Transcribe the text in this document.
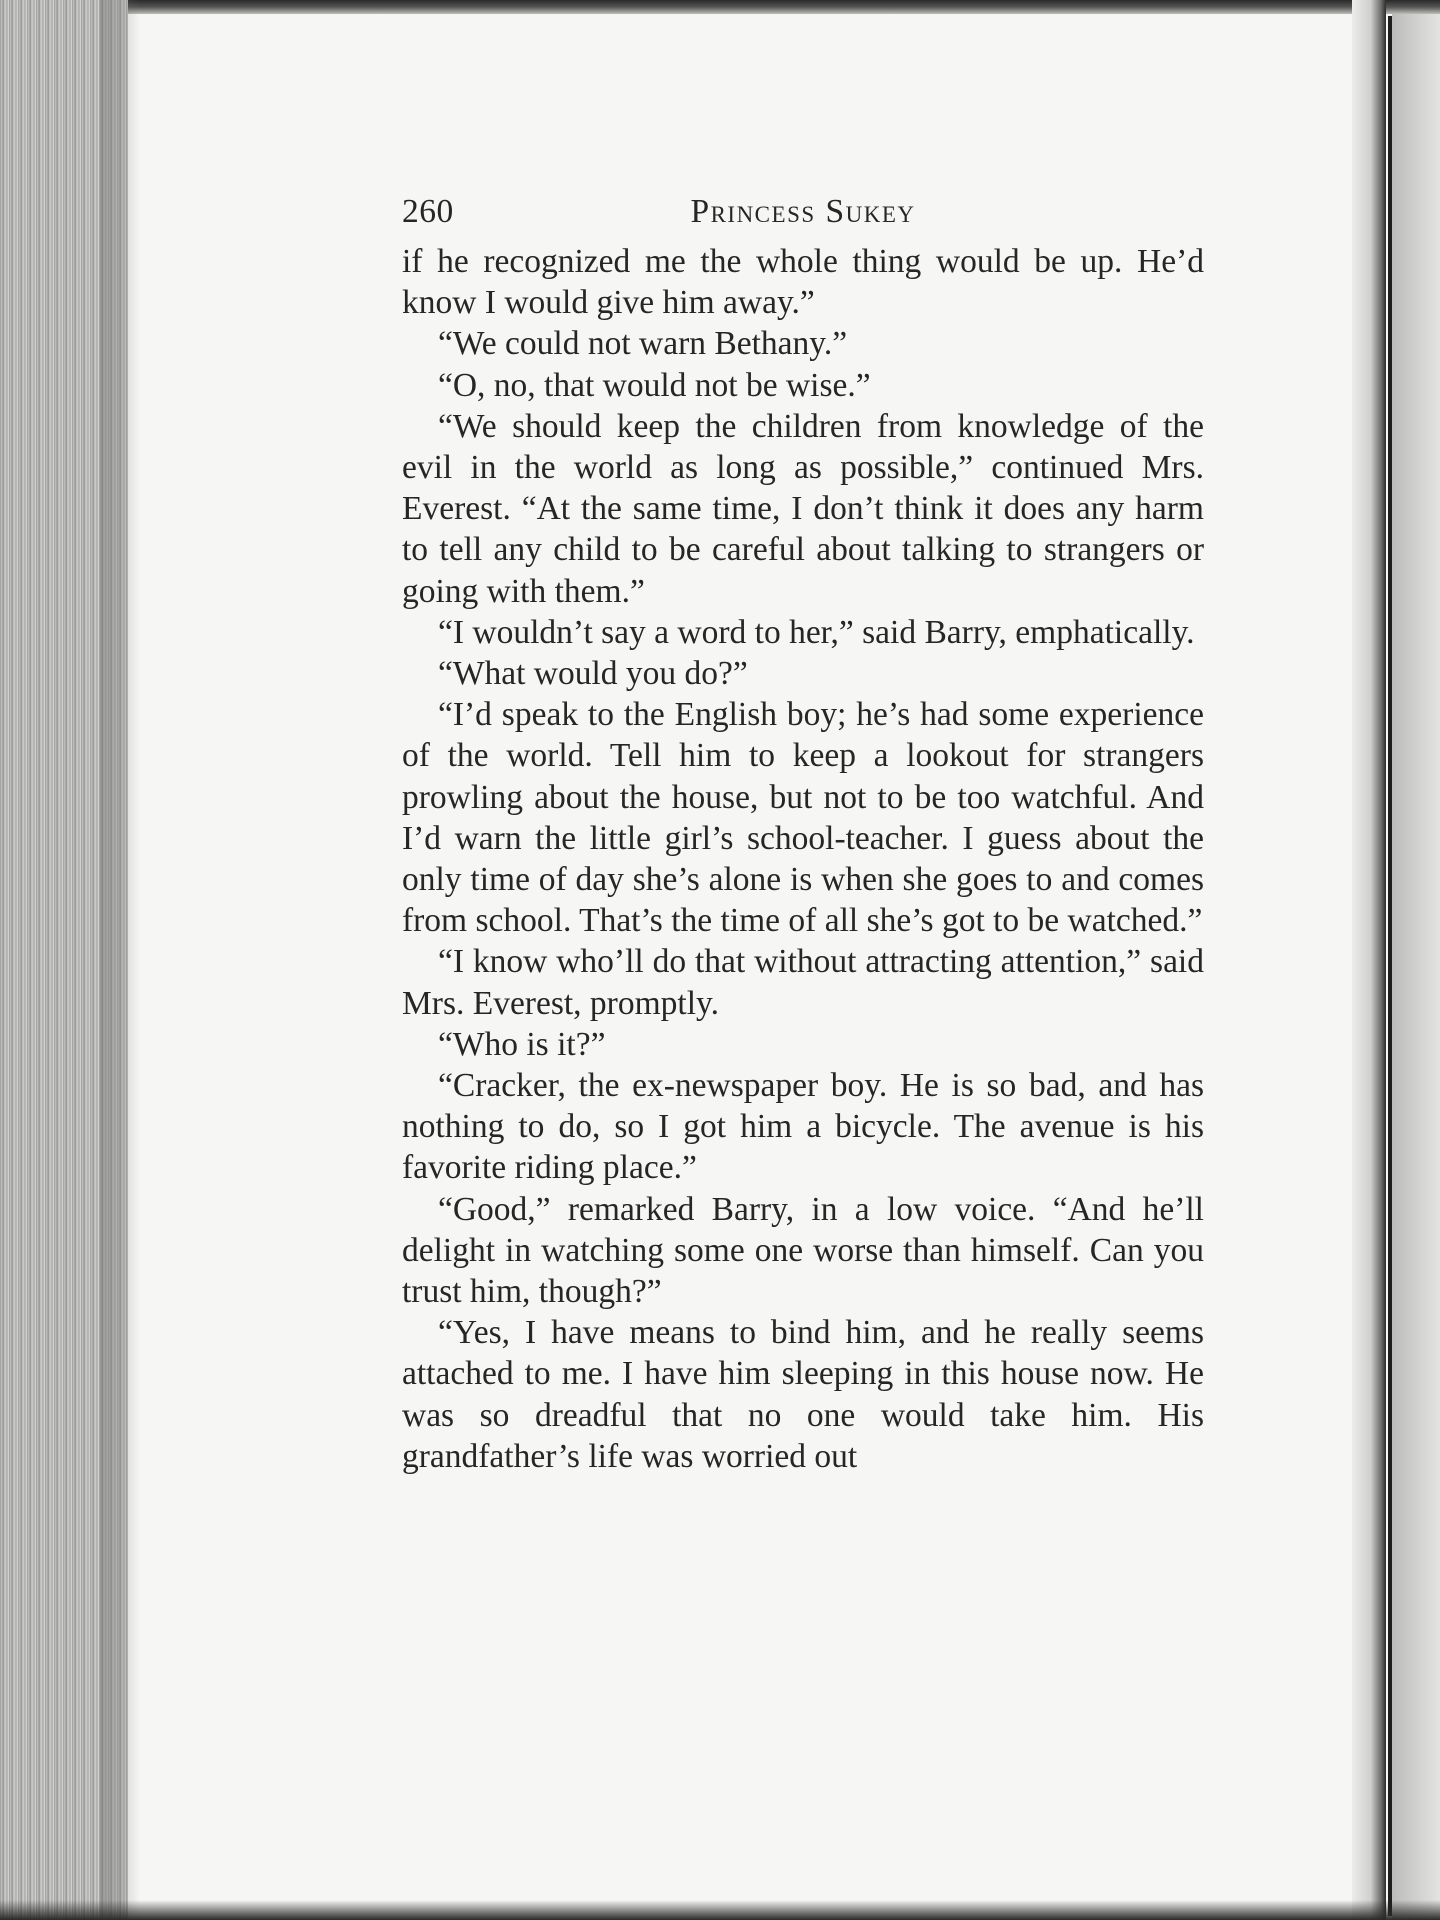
260	Princess Sukey

if he recognized me the whole thing would be up. He’d know I would give him away.”

“We could not warn Bethany.”

“O, no, that would not be wise.”

“We should keep the children from knowledge of the evil in the world as long as possible,” continued Mrs. Everest. “At the same time, I don’t think it does any harm to tell any child to be careful about talking to strangers or going with them.”

“I wouldn’t say a word to her,” said Barry, emphatically.

“What would you do?”

“I’d speak to the English boy; he’s had some experience of the world. Tell him to keep a lookout for strangers prowling about the house, but not to be too watchful. And I’d warn the little girl’s school-teacher. I guess about the only time of day she’s alone is when she goes to and comes from school. That’s the time of all she’s got to be watched.”

“I know who’ll do that without attracting attention,” said Mrs. Everest, promptly.

“Who is it?”

“Cracker, the ex-newspaper boy. He is so bad, and has nothing to do, so I got him a bicycle. The avenue is his favorite riding place.”

“Good,” remarked Barry, in a low voice. “And he’ll delight in watching some one worse than himself. Can you trust him, though?”

“Yes, I have means to bind him, and he really seems attached to me. I have him sleeping in this house now. He was so dreadful that no one would take him. His grandfather’s life was worried out
